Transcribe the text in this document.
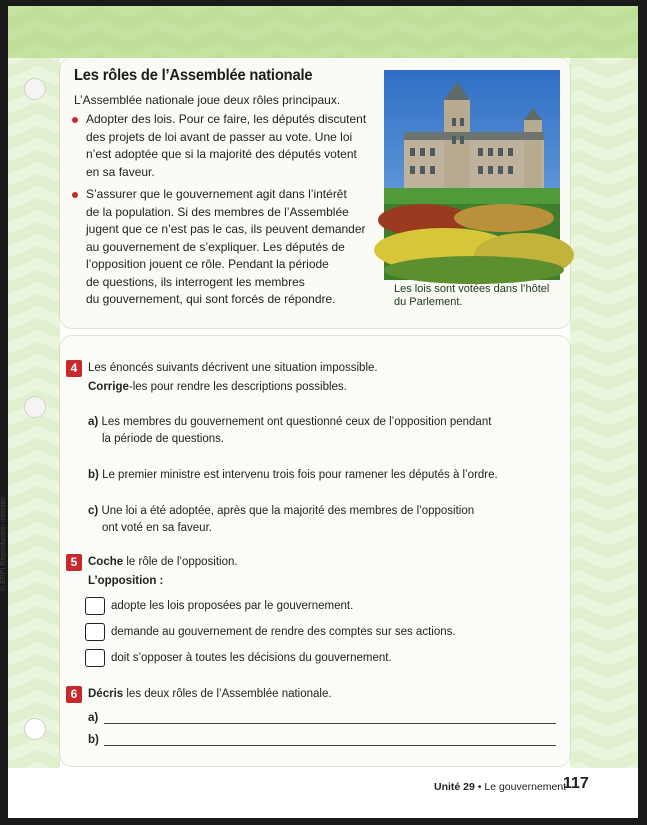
Les rôles de l’Assemblée nationale
L’Assemblée nationale joue deux rôles principaux.
Adopter des lois. Pour ce faire, les députés discutent
des projets de loi avant de passer au vote. Une loi
n’est adoptée que si la majorité des députés votent
en sa faveur.
S’assurer que le gouvernement agit dans l’intérêt
de la population. Si des membres de l’Assemblée
jugent que ce n’est pas le cas, ils peuvent demander
au gouvernement de s’expliquer. Les députés de
l’opposition jouent ce rôle. Pendant la période
de questions, ils interrogent les membres
du gouvernement, qui sont forcés de répondre.
Les lois sont votées dans l’hôtel
du Parlement.
4 Les énoncés suivants décrivent une situation impossible.
Corrige-les pour rendre les descriptions possibles.
a) Les membres du gouvernement ont questionné ceux de l’opposition pendant
la période de questions.
b) Le premier ministre est intervenu trois fois pour ramener les députés à l’ordre.
c) Une loi a été adoptée, après que la majorité des membres de l’opposition
ont voté en sa faveur.
5 Coche le rôle de l’opposition.
L’opposition :
adopte les lois proposées par le gouvernement.
demande au gouvernement de rendre des comptes sur ses actions.
doit s’opposer à toutes les décisions du gouvernement.
6 Décris les deux rôles de l’Assemblée nationale.
a)
b)
Unité 29 • Le gouvernement
117
© ERPI Reproduction interdite
